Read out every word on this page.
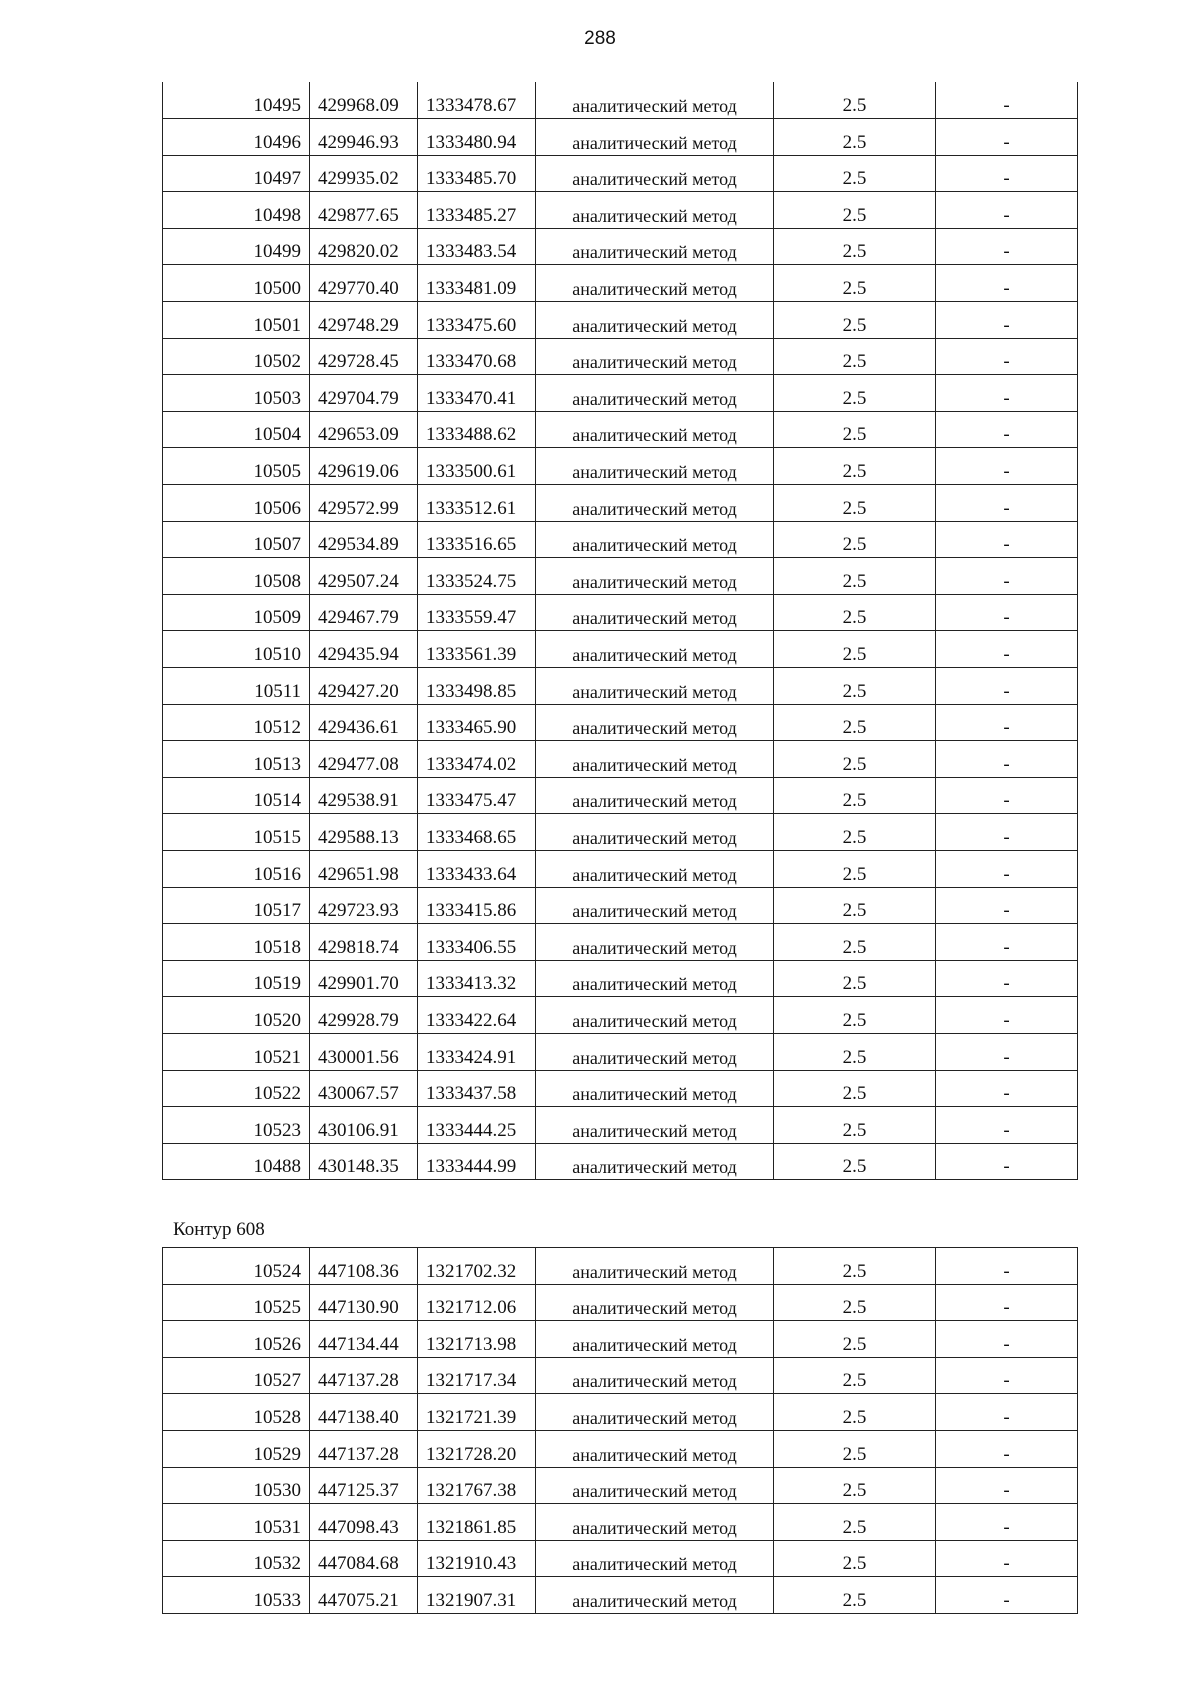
288
10495	429968.09	1333478.67	аналитический метод	2.5	-
10496	429946.93	1333480.94	аналитический метод	2.5	-
10497	429935.02	1333485.70	аналитический метод	2.5	-
10498	429877.65	1333485.27	аналитический метод	2.5	-
10499	429820.02	1333483.54	аналитический метод	2.5	-
10500	429770.40	1333481.09	аналитический метод	2.5	-
10501	429748.29	1333475.60	аналитический метод	2.5	-
10502	429728.45	1333470.68	аналитический метод	2.5	-
10503	429704.79	1333470.41	аналитический метод	2.5	-
10504	429653.09	1333488.62	аналитический метод	2.5	-
10505	429619.06	1333500.61	аналитический метод	2.5	-
10506	429572.99	1333512.61	аналитический метод	2.5	-
10507	429534.89	1333516.65	аналитический метод	2.5	-
10508	429507.24	1333524.75	аналитический метод	2.5	-
10509	429467.79	1333559.47	аналитический метод	2.5	-
10510	429435.94	1333561.39	аналитический метод	2.5	-
10511	429427.20	1333498.85	аналитический метод	2.5	-
10512	429436.61	1333465.90	аналитический метод	2.5	-
10513	429477.08	1333474.02	аналитический метод	2.5	-
10514	429538.91	1333475.47	аналитический метод	2.5	-
10515	429588.13	1333468.65	аналитический метод	2.5	-
10516	429651.98	1333433.64	аналитический метод	2.5	-
10517	429723.93	1333415.86	аналитический метод	2.5	-
10518	429818.74	1333406.55	аналитический метод	2.5	-
10519	429901.70	1333413.32	аналитический метод	2.5	-
10520	429928.79	1333422.64	аналитический метод	2.5	-
10521	430001.56	1333424.91	аналитический метод	2.5	-
10522	430067.57	1333437.58	аналитический метод	2.5	-
10523	430106.91	1333444.25	аналитический метод	2.5	-
10488	430148.35	1333444.99	аналитический метод	2.5	-
Контур 608
10524	447108.36	1321702.32	аналитический метод	2.5	-
10525	447130.90	1321712.06	аналитический метод	2.5	-
10526	447134.44	1321713.98	аналитический метод	2.5	-
10527	447137.28	1321717.34	аналитический метод	2.5	-
10528	447138.40	1321721.39	аналитический метод	2.5	-
10529	447137.28	1321728.20	аналитический метод	2.5	-
10530	447125.37	1321767.38	аналитический метод	2.5	-
10531	447098.43	1321861.85	аналитический метод	2.5	-
10532	447084.68	1321910.43	аналитический метод	2.5	-
10533	447075.21	1321907.31	аналитический метод	2.5	-
